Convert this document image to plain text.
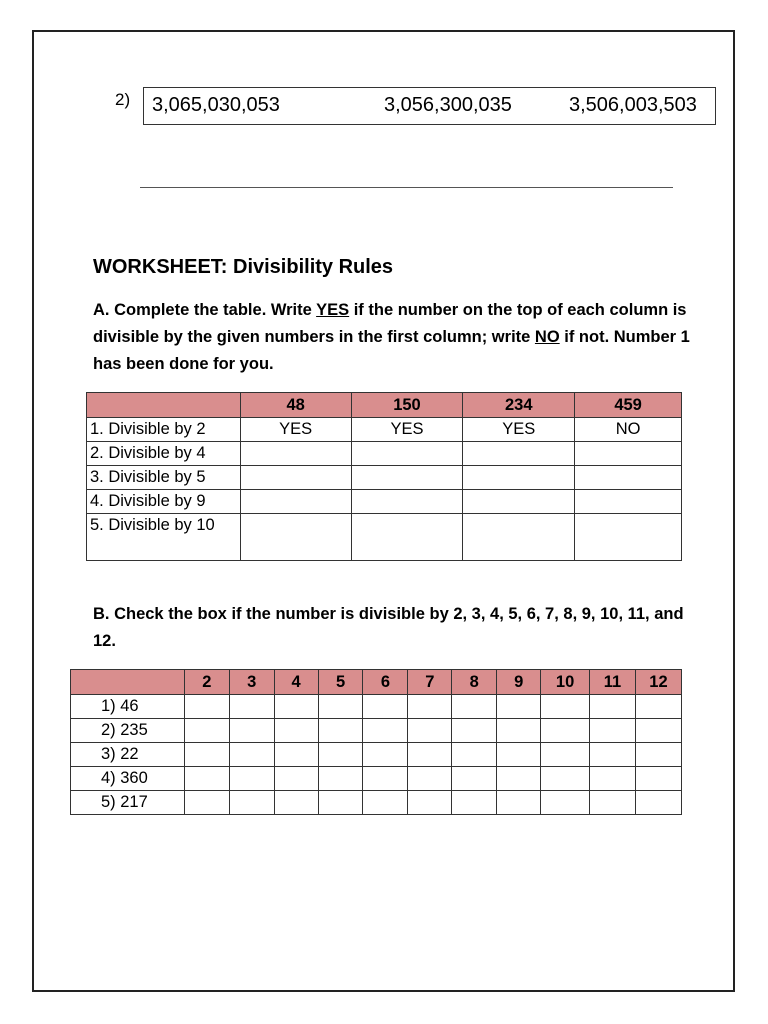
2) 3,065,030,053	3,056,300,035	3,506,003,503
WORKSHEET: Divisibility Rules
A. Complete the table. Write YES if the number on the top of each column is divisible by the given numbers in the first column; write NO if not. Number 1 has been done for you.
	48	150	234	459
1. Divisible by 2	YES	YES	YES	NO
2. Divisible by 4				
3. Divisible by 5				
4. Divisible by 9				
5. Divisible by 10				
B. Check the box if the number is divisible by 2, 3, 4, 5, 6, 7, 8, 9, 10, 11, and 12.
	2	3	4	5	6	7	8	9	10	11	12
1) 46											
2) 235											
3) 22											
4) 360											
5) 217											
